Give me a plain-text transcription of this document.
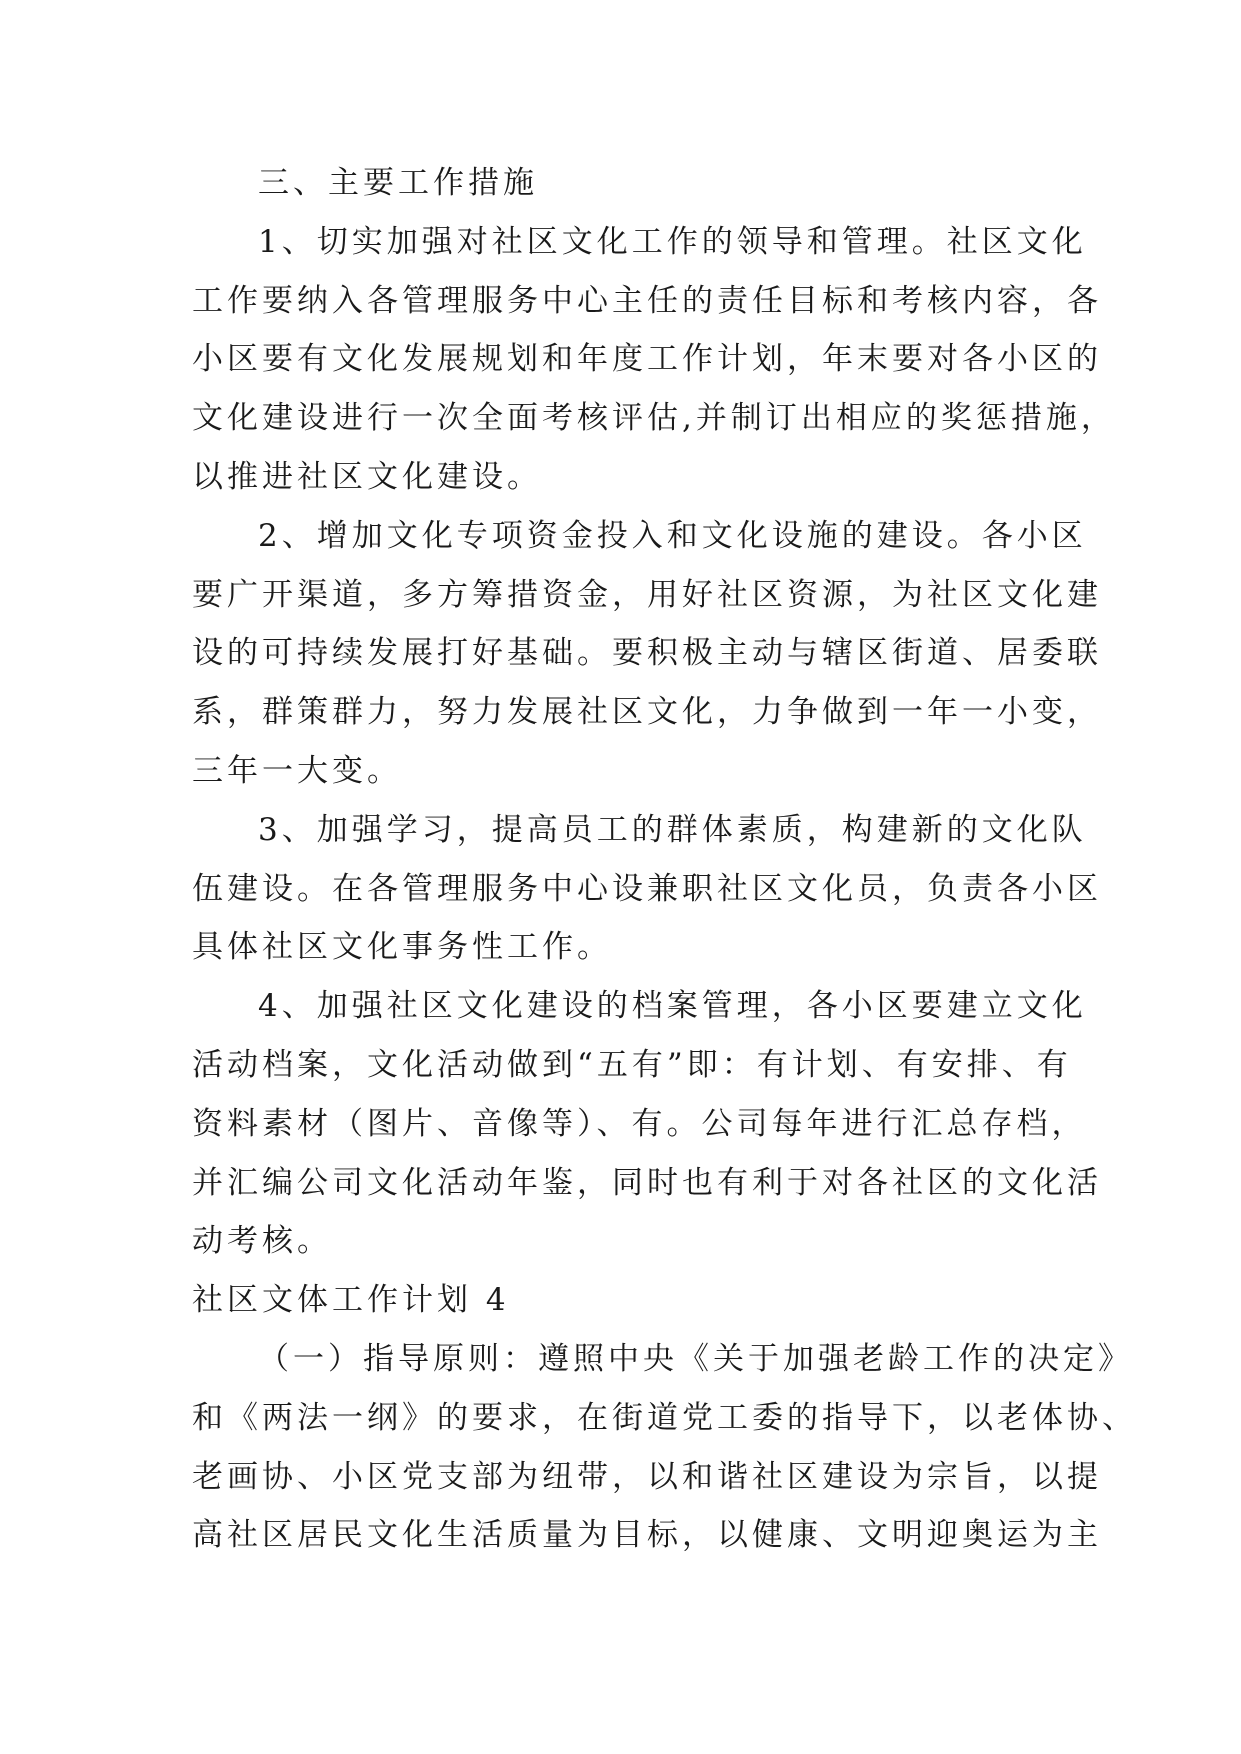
三、主要工作措施

1、切实加强对社区文化工作的领导和管理。社区文化

工作要纳入各管理服务中心主任的责任目标和考核内容，各

小区要有文化发展规划和年度工作计划，年末要对各小区的

文化建设进行一次全面考核评估,并制订出相应的奖惩措施，

以推进社区文化建设。

2、增加文化专项资金投入和文化设施的建设。各小区

要广开渠道，多方筹措资金，用好社区资源，为社区文化建

设的可持续发展打好基础。要积极主动与辖区街道、居委联

系，群策群力，努力发展社区文化，力争做到一年一小变，

三年一大变。

3、加强学习，提高员工的群体素质，构建新的文化队

伍建设。在各管理服务中心设兼职社区文化员，负责各小区

具体社区文化事务性工作。

4、加强社区文化建设的档案管理，各小区要建立文化

活动档案，文化活动做到“五有”即：有计划、有安排、有

资料素材（图片、音像等）、有。公司每年进行汇总存档，

并汇编公司文化活动年鉴，同时也有利于对各社区的文化活

动考核。

社区文体工作计划 4

（一）指导原则：遵照中央《关于加强老龄工作的决定》

和《两法一纲》的要求，在街道党工委的指导下，以老体协、

老画协、小区党支部为纽带，以和谐社区建设为宗旨，以提

高社区居民文化生活质量为目标，以健康、文明迎奥运为主
